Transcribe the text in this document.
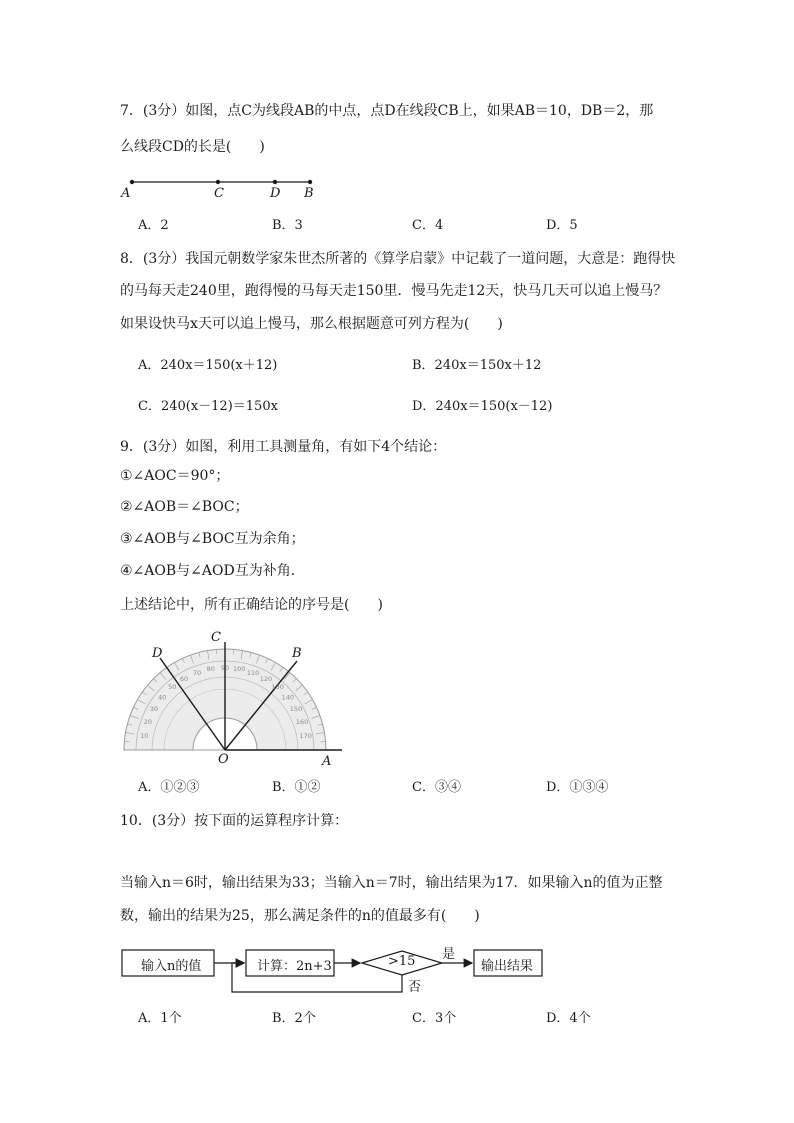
7．(3分）如图，点C为线段AB的中点，点D在线段CB上，如果AB＝10，DB＝2，那
么线段CD的长是(　　)
A	C	D B
A．2	B．3	C．4	D．5
8．(3分）我国元朝数学家朱世杰所著的《算学启蒙》中记载了一道问题，大意是：跑得快
的马每天走240里，跑得慢的马每天走150里．慢马先走12天，快马几天可以追上慢马？
如果设快马x天可以追上慢马，那么根据题意可列方程为(　　)
A．240x＝150(x＋12)	B．240x＝150x＋12
C．240(x－12)＝150x	D．240x＝150(x－12)
9．(3分）如图，利用工具测量角，有如下4个结论：
①∠AOC＝90°；
②∠AOB＝∠BOC；
③∠AOB与∠BOC互为余角；
④∠AOB与∠AOD互为补角．
上述结论中，所有正确结论的序号是(　　)
10
20
30
40
50
60
70 80 90 100 110
120
130
140
150
160
170
C
D	B
O	A
A．①②③	B．①②	C．③④	D．①③④
10．(3分）按下面的运算程序计算：
当输入n＝6时，输出结果为33；当输入n＝7时，输出结果为17．如果输入n的值为正整
数，输出的结果为25，那么满足条件的n的值最多有(　　)
输入n的值	计算：2n+3	>15 是
否
输出结果
A．1个	B．2个	C．3个	D．4个
